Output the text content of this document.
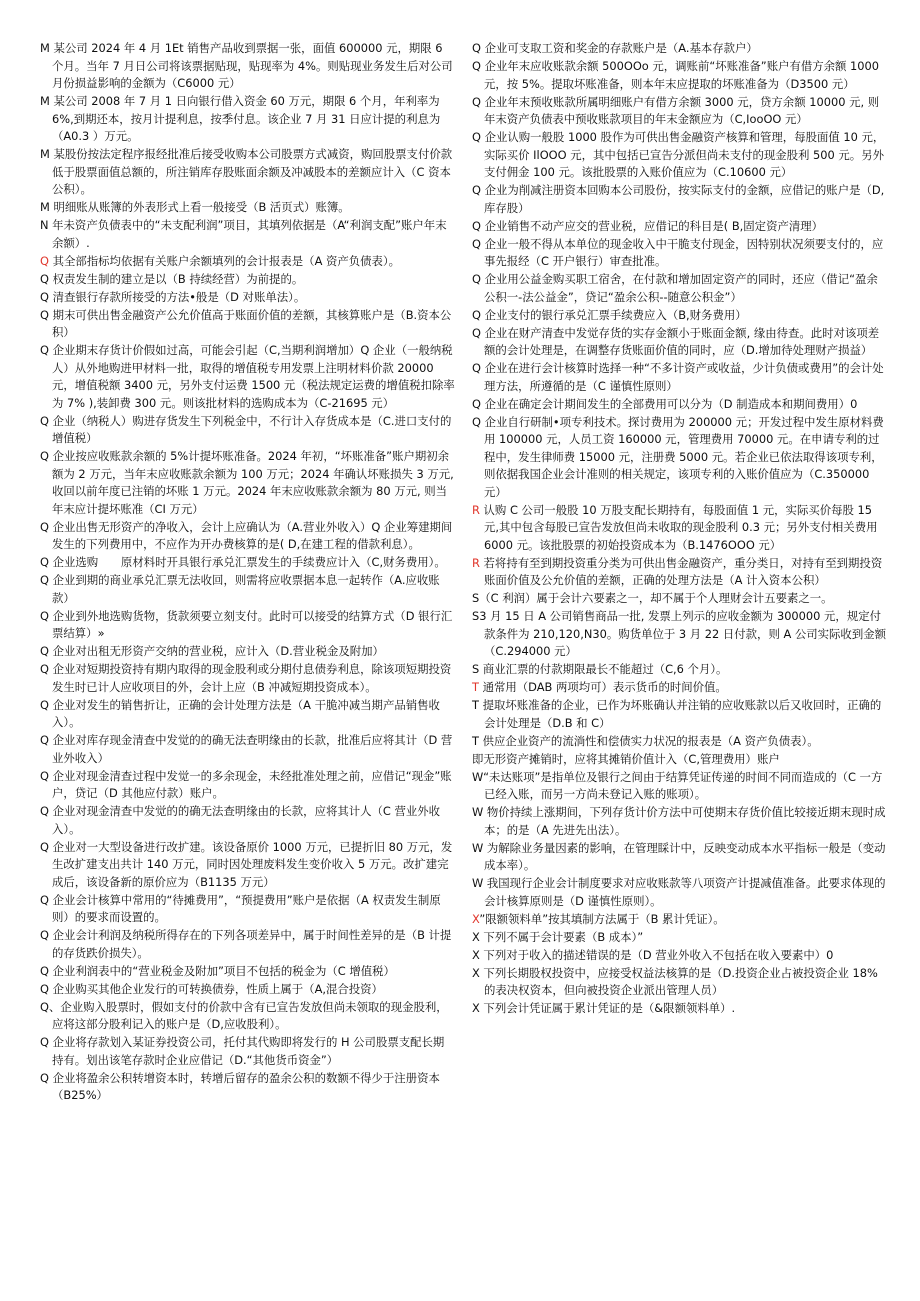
M 某公司 2024 年 4 月 1Et 销售产品收到票据一张，面值 600000 元，期限 6 个月。当年 7 月日公司将该票据贴现，贴现率为 4%。则贴现业务发生后对公司月份损益影响的金额为（C6000 元）

M 某公司 2008 年 7 月 1 日向银行借入资金 60 万元，期限 6 个月，年利率为 6%,到期还本，按月计提利息，按季付息。该企业 7 月 31 日应计提的利息为（A0.3 ）万元。

M 某股份按法定程序报经批准后接受收购本公司股票方式减资，购回股票支付价款低于股票面值总额的，所注销库存股账面余额及冲减股本的差额应计入（C 资本公积）。

M 明细账从账簿的外表形式上看一般接受（B 活页式）账簿。

N 年未资产负债表中的“未支配利润”项目，其填列依据是（A“利润支配”账户年末余额）.

Q 其全部指标均依据有关账户余额填列的会计报表是（A 资产负债表）。

Q 权责发生制的建立是以（B 持续经营）为前提的。

Q 清查银行存款所接受的方法•般是（D 对账单法）。

Q 期末可供出售金融资产公允价值高于账面价值的差额，其核算账户是（B.资本公积）

Q 企业期末存货计价假如过高，可能会引起（C,当期利润增加）Q 企业（一般纳税人）从外地购进甲材料一批，取得的增值税专用发票上注明材料价款 20000 元，增值税额 3400 元，另外支付运费 1500 元（税法规定运费的增值税扣除率为 7% ),装卸费 300 元。则该批材料的选购成本为（C-21695 元）

Q 企业（纳税人）购进存货发生下列税金中，不行计入存货成本是（C.进口支付的增值税）

Q 企业按应收账款余额的 5%计提坏账准备。2024 年初，“坏账准备”账户期初余额为 2 万元，当年末应收账款余额为 100 万元；2024 年确认坏账损失 3 万元, 收回以前年度已注销的坏账 1 万元。2024 年末应收账款余额为 80 万元, 则当年末应计提坏账准（CI 万元）

Q 企业出售无形资产的净收入，会计上应确认为（A.营业外收入）Q 企业筹建期间发生的下列费用中，不应作为开办费核算的是( D,在建工程的借款利息）。

Q 企业选购　　原材料时开具银行承兑汇票发生的手续费应计入（C,财务费用）。

Q 企业到期的商业承兑汇票无法收回，则需将应收票据本息一起转作（A.应收账款）

Q 企业到外地选购货物，货款须要立刻支付。此时可以接受的结算方式（D 银行汇票结算）»

Q 企业对出租无形资产交纳的营业税，应计入（D.营业税金及附加）

Q 企业对短期投资持有期内取得的现金股利或分期付息债券利息，除该项短期投资发生时已计人应收项目的外，会计上应（B 冲减短期投资成本）。

Q 企业对发生的销售折让，正确的会计处理方法是（A 干脆冲减当期产品销售收入）。

Q 企业对库存现金清查中发觉的的确无法查明缘由的长款，批准后应将其计（D 营业外收入）

Q 企业对现金清查过程中发觉一的多余现金，未经批准处理之前，应借记“现金”账户，贷记（D 其他应付款）账户。

Q 企业对现金清查中发觉的的确无法查明缘由的长款，应将其计人（C 营业外收入）。

Q 企业对一大型设备进行改扩建。该设备原价 1000 万元，已提折旧 80 万元，发生改扩建支出共计 140 万元，同时因处理废料发生变价收入 5 万元。改扩建完成后，该设备新的原价应为（B1135 万元）

Q 企业会计核算中常用的“待摊费用”，“预提费用”账户是依据（A 权责发生制原则）的要求而设置的。

Q 企业会计利润及纳税所得存在的下列各项差异中，属于时间性差异的是（B 计提的存货跌价损失）。

Q 企业利润表中的“营业税金及附加”项目不包括的税金为（C 增值税）

Q 企业购买其他企业发行的可转换债券，性质上属于（A,混合投资）

Q、企业购入股票时，假如支付的价款中含有已宣告发放但尚未领取的现金股利，应将这部分股利记入的账户是（D,应收股利）。

Q 企业将存款划入某证券投资公司，托付其代购即将发行的 H 公司股票支配长期持有。划出该笔存款时企业应借记（D.“其他货币资金”）

Q 企业将盈余公积转增资本时，转增后留存的盈余公积的数额不得少于注册资本（B25%）

Q 企业可支取工资和奖金的存款账户是（A.基本存款户）

Q 企业年末应收账款余额 500OOo 元，调账前“坏账准备”账户有借方余额 1000 元，按 5%。提取坏账准备，则本年末应提取的坏账准备为（D3500 元）

Q 企业年末预收账款所属明细账户有借方余额 3000 元，贷方余额 10000 元, 则年末资产负债表中预收账款项目的年末金额应为（C,IooOO 元）

Q 企业认购一般股 1000 股作为可供出售金融资产核算和管理，每股面值 10 元，实际买价 IlOOO 元，其中包括已宣告分派但尚未支付的现金股利 500 元。另外支付佣金 100 元。该批股票的入账价值应为（C.10600 元）

Q 企业为削减注册资本回购本公司股份，按实际支付的金额，应借记的账户是（D,库存股）

Q 企业销售不动产应交的营业税，应借记的科目是( B,固定资产清理）

Q 企业一般不得从本单位的现金收入中干脆支付现金，因特别状况须要支付的，应事先报经（C 开户银行）审查批准。

Q 企业用公益金购买职工宿舍，在付款和增加固定资产的同时，还应（借记“盈余公积一-法公益金”，贷记“盈余公积--随意公积金”）

Q 企业支付的银行承兑汇票手续费应入（B,财务费用）

Q 企业在财产清查中发觉存货的实存金额小于账面金额, 缘由待查。此时对该项差额的会计处理是，在调整存货账面价值的同时，应（D.增加待处理财产损益）

Q 企业在进行会计核算时选择一种“不多计资产或收益，少计负债或费用”的会计处理方法，所遵循的是（C 谨慎性原则）

Q 企业在确定会计期间发生的全部费用可以分为（D 制造成本和期间费用）0

Q 企业自行研制•项专利技术。探讨费用为 200000 元；开发过程中发生原材料费用 100000 元，人员工资 160000 元，管理费用 70000 元。在申请专利的过程中，发生律师费 15000 元，注册费 5000 元。若企业已依法取得该项专利，则依据我国企业会计准则的相关规定，该项专利的入账价值应为（C.350000 元）

R 认购 C 公司一般股 10 万股支配长期持有，每股面值 1 元，实际买价每股 15 元,其中包含每股已宣告发放但尚未收取的现金股利 0.3 元；另外支付相关费用 6000 元。该批股票的初始投资成本为（B.1476OOO 元）

R 若将持有至到期投资重分类为可供出售金融资产，重分类日，对持有至到期投资账面价值及公允价值的差额，正确的处理方法是（A 计入资本公积）

S（C 利润）属于会计六要素之一，却不属于个人理财会计五要素之一。

S3 月 15 日 A 公司销售商品一批, 发票上列示的应收金额为 300000 元，规定付款条件为 210,120,N30。购货单位于 3 月 22 日付款，则 A 公司实际收到金额（C.294000 元）

S 商业汇票的付款期限最长不能超过（C,6 个月）。

T 通常用（DAB 两项均可）表示货币的时间价值。

T 提取坏账准备的企业，已作为坏账确认并注销的应收账款以后又收回时，正确的会计处理是（D.B 和 C）

T 供应企业资产的流淌性和偿债实力状况的报表是（A 资产负债表）。

即无形资产摊销时，应将其摊销价值计入（C,管理费用）账户

W“未达账项”是指单位及银行之间由于结算凭证传递的时间不同而造成的（C 一方已经入账，而另一方尚未登记入账的账项）。

W 物价持续上涨期间，下列存货计价方法中可使期末存货价值比较接近期末现时成本；的是（A 先进先出法）。

W 为解除业务量因素的影响，在管理睬计中，反映变动成本水平指标一般是（变动成本率）。

W 我国现行企业会计制度要求对应收账款等八项资产计提减值准备。此要求体现的会计核算原则是（D 谨慎性原则）。

X”限额领料单”按其填制方法属于（B 累计凭证）。

X 下列不属于会计要素（B 成本）”

X 下列对于收入的描述错误的是（D 营业外收入不包括在收入要素中）0

X 下列长期股权投资中，应接受权益法核算的是（D.投资企业占被投资企业 18%的表决权资本，但向被投资企业派出管理人员）

X 下列会计凭证属于累计凭证的是（&限额领料单）.
